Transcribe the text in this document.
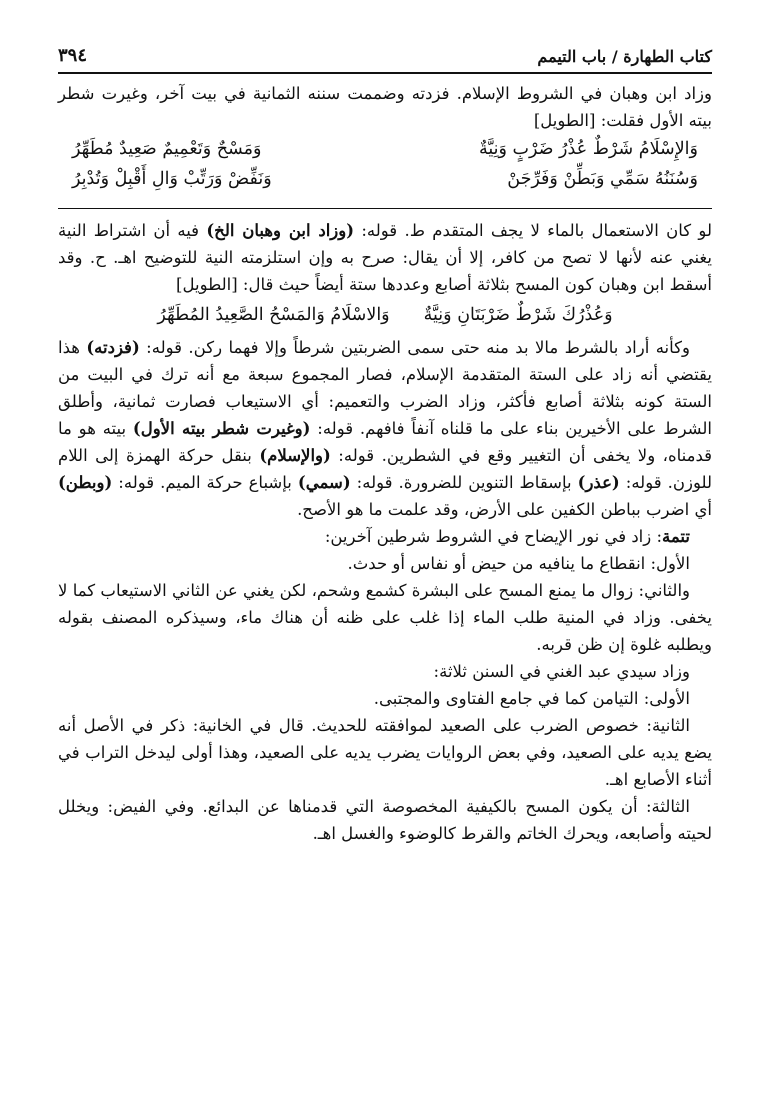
٣٩٤	كتاب الطهارة / باب التيمم

وزاد ابن وهبان في الشروط الإسلام. فزدته وضممت سننه الثمانية في بيت آخر، وغيرت شطر بيته الأول فقلت: [الطويل]

وَالإِسْلَامُ شَرْطٌ عُذْرُ ضَرْبٍ وَنِيَّةٌ
وَمَسْحٌ وَتَعْمِيمٌ صَعِيدٌ مُطَهِّرُ
وَسُنَنُهُ سَمِّي وَبَطِّنْ وَفَرِّجَنْ
وَنَفِّضْ وَرَتِّبْ وَالِ أَقْبِلْ وَتُدْبِرُ

لو كان الاستعمال بالماء لا يجف المتقدم ط. قوله: (وزاد ابن وهبان الخ) فيه أن اشتراط النية يغني عنه لأنها لا تصح من كافر، إلا أن يقال: صرح به وإن استلزمته النية للتوضيح اهـ. ح. وقد أسقط ابن وهبان كون المسح بثلاثة أصابع وعددها ستة أيضاً حيث قال: [الطويل]

وَعُذْرُكَ شَرْطٌ ضَرْبَتَانِ وَنِيَّةٌ
وَالاسْلَامُ وَالمَسْحُ الصَّعِيدُ المُطَهِّرُ

وكأنه أراد بالشرط مالا بد منه حتى سمى الضربتين شرطاً وإلا فهما ركن. قوله: (فزدته) هذا يقتضي أنه زاد على الستة المتقدمة الإسلام، فصار المجموع سبعة مع أنه ترك في البيت من الستة كونه بثلاثة أصابع فأكثر، وزاد الضرب والتعميم: أي الاستيعاب فصارت ثمانية، وأطلق الشرط على الأخيرين بناء على ما قلناه آنفاً فافهم. قوله: (وغيرت شطر بيته الأول) بيته هو ما قدمناه، ولا يخفى أن التغيير وقع في الشطرين. قوله: (والإسلام) بنقل حركة الهمزة إلى اللام للوزن. قوله: (عذر) بإسقاط التنوين للضرورة. قوله: (سمي) بإشباع حركة الميم. قوله: (وبطن) أي اضرب بباطن الكفين على الأرض، وقد علمت ما هو الأصح.

تتمة: زاد في نور الإيضاح في الشروط شرطين آخرين:

الأول: انقطاع ما ينافيه من حيض أو نفاس أو حدث.

والثاني: زوال ما يمنع المسح على البشرة كشمع وشحم، لكن يغني عن الثاني الاستيعاب كما لا يخفى. وزاد في المنية طلب الماء إذا غلب على ظنه أن هناك ماء، وسيذكره المصنف بقوله ويطلبه غلوة إن ظن قربه.

وزاد سيدي عبد الغني في السنن ثلاثة:

الأولى: التيامن كما في جامع الفتاوى والمجتبى.

الثانية: خصوص الضرب على الصعيد لموافقته للحديث. قال في الخانية: ذكر في الأصل أنه يضع يديه على الصعيد، وفي بعض الروايات يضرب يديه على الصعيد، وهذا أولى ليدخل التراب في أثناء الأصابع اهـ.

الثالثة: أن يكون المسح بالكيفية المخصوصة التي قدمناها عن البدائع. وفي الفيض: ويخلل لحيته وأصابعه، ويحرك الخاتم والقرط كالوضوء والغسل اهـ.
